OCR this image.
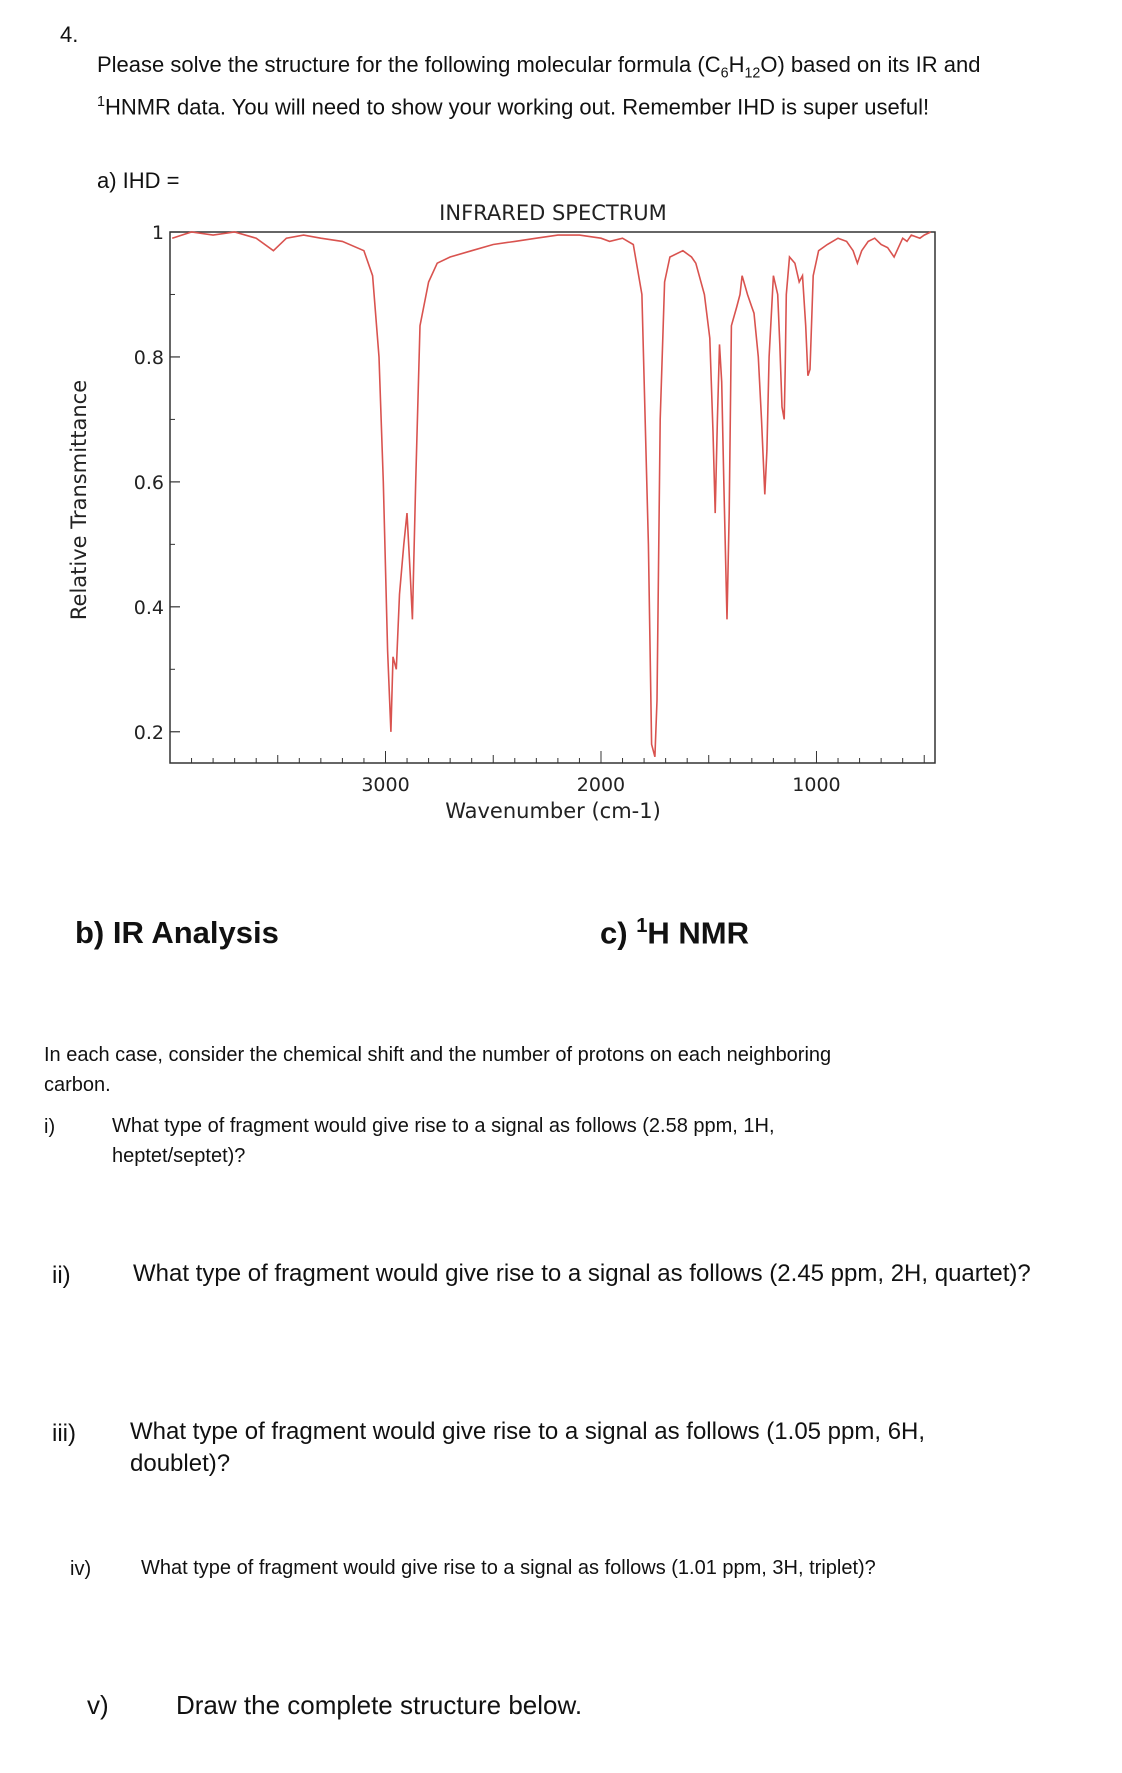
4.
Please solve the structure for the following molecular formula $(C_6H_{12}O)$ based on its IR and $^1$HNMR data. You will need to show your working out. Remember IHD is super useful!
a) IHD =
INFRARED SPECTRUM
1
0.8
0.6
0.4
0.2
3000	2000	1000
Wavenumber (cm-1)
Relative Transmittance
b) IR Analysis	c) $^1$H NMR
In each case, consider the chemical shift and the number of protons on each neighboring carbon.
i)	What type of fragment would give rise to a signal as follows (2.58 ppm, 1H, heptet/septet)?
ii)	What type of fragment would give rise to a signal as follows (2.45 ppm, 2H, quartet)?
iii) What type of fragment would give rise to a signal as follows (1.05 ppm, 6H, doublet)?
iv) What type of fragment would give rise to a signal as follows (1.01 ppm, 3H, triplet)?
v)	Draw the complete structure below.
